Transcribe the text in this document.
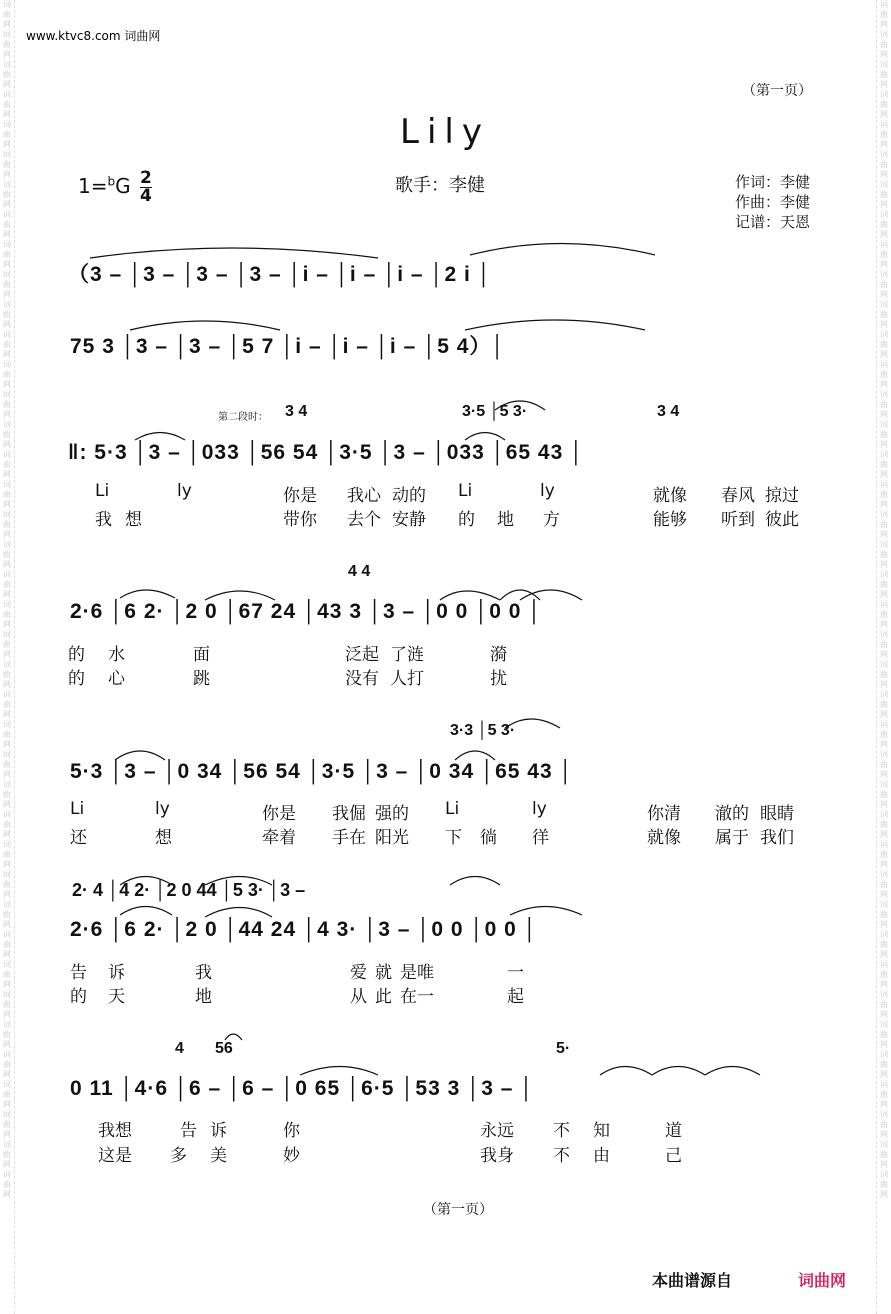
词曲网词曲网词曲网词曲网词曲网词曲网词曲网词曲网词曲网词曲网词曲网词曲网词曲网词曲网词曲网词曲网词曲网词曲网词曲网词曲网词曲网词曲网词曲网词曲网词曲网词曲网词曲网词曲网词曲网词曲网词曲网词曲网词曲网词曲网词曲网词曲网词曲网词曲网词曲网词曲网
词曲网词曲网词曲网词曲网词曲网词曲网词曲网词曲网词曲网词曲网词曲网词曲网词曲网词曲网词曲网词曲网词曲网词曲网词曲网词曲网词曲网词曲网词曲网词曲网词曲网词曲网词曲网词曲网词曲网词曲网词曲网词曲网词曲网词曲网词曲网词曲网词曲网词曲网词曲网词曲网
www.ktvc8.com 词曲网
（第一页）
Lily
歌手：李健
$1=^bG \frac{2}{4}$	作词：李健
作曲：李健
记谱：天恩
（3 – │3 – │3 – │3 – │i – │i – │i – │2 i │
75 3 │3 – │3 – │5 7 │i – │i – │i – │5 4）│
第二段时： 3 4	3·5 │5 3·	3 4
‖: 5·3 │3 – │033 │56 54 │3·5 │3 – │033 │65 43 │
Li	ly	你是 我心 动的 Li	ly	就像 春风 掠过
我 想	带你 去个 安静 的 地 方	能够 听到 彼此
4 4
2·6 │6 2· │2 0 │67 24 │43 3 │3 – │0 0 │0 0 │
的 水	面	泛起 了涟	漪
的 心	跳	没有 人打	扰
3·3 │5 3·
5·3 │3 – │0 34 │56 54 │3·5 │3 – │0 34 │65 43 │
Li	ly	你是 我倔 强的 Li	ly	你清 澈的 眼睛
还	想	牵着 手在 阳光 下 徜 徉	就像 属于 我们
2· 4 │4 2· │2 0 44 │5 3· │3 –
2·6 │6 2· │2 0 │44 24 │4 3· │3 – │0 0 │0 0 │
告 诉	我	爱 就 是唯	一
的 天	地	从 此 在一	起
4 56	5·
0 11 │4·6 │6 – │6 – │0 65 │6·5 │53 3 │3 – │
我想	告 诉	你	永远 不 知	道
这是 多 美	妙	我身 不 由	己
（第一页）
本曲谱源自	词曲网
